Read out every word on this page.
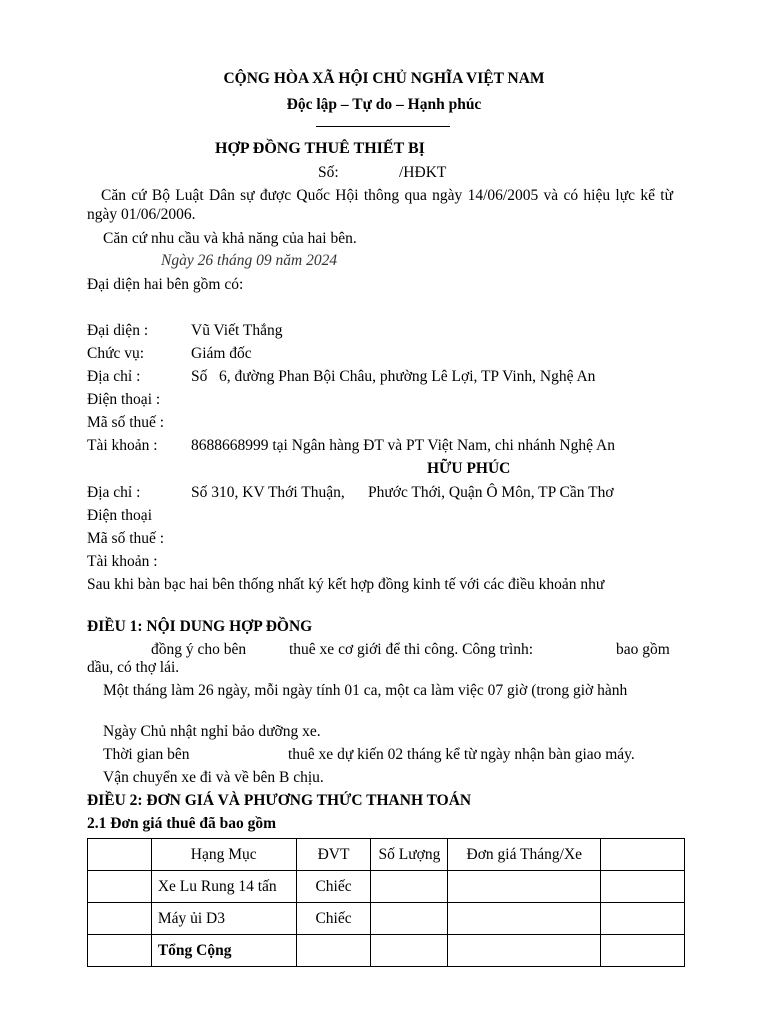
CỘNG HÒA XÃ HỘI CHỦ NGHĨA VIỆT NAM
Độc lập – Tự do – Hạnh phúc
HỢP ĐỒNG THUÊ THIẾT BỊ
Số:	/HĐKT
Căn cứ Bộ Luật Dân sự được Quốc Hội thông qua ngày 14/06/2005 và có hiệu lực kể từ ngày 01/06/2006.
Căn cứ nhu cầu và khả năng của hai bên.
Ngày 26 tháng 09 năm 2024
Đại diện hai bên gồm có:
Đại diện :	Vũ Viết Thắng
Chức vụ:	Giám đốc
Địa chỉ :	Số   6, đường Phan Bội Châu, phường Lê Lợi, TP Vinh, Nghệ An
Điện thoại :
Mã số thuế :
Tài khoản : 8688668999 tại Ngân hàng ĐT và PT Việt Nam, chi nhánh Nghệ An
HỮU PHÚC
Địa chỉ :	Số 310, KV Thới Thuận,      Phước Thới, Quận Ô Môn, TP Cần Thơ
Điện thoại
Mã số thuế :
Tài khoản :
Sau khi bàn bạc hai bên thống nhất ký kết hợp đồng kinh tế với các điều khoản như
ĐIỀU 1: NỘI DUNG HỢP ĐỒNG
đồng ý cho bên	thuê xe cơ giới để thi công. Công trình:	bao gồm
dầu, có thợ lái.
Một tháng làm 26 ngày, mỗi ngày tính 01 ca, một ca làm việc 07 giờ (trong giờ hành
Ngày Chủ nhật nghỉ bảo dưỡng xe.
Thời gian bên	thuê xe dự kiến 02 tháng kể từ ngày nhận bàn giao máy.
Vận chuyển xe đi và về bên B chịu.
ĐIỀU 2: ĐƠN GIÁ VÀ PHƯƠNG THỨC THANH TOÁN
2.1 Đơn giá thuê đã bao gồm
	Hạng Mục	ĐVT	Số Lượng	Đơn giá Tháng/Xe	
	Xe Lu Rung 14 tấn	Chiếc			
	Máy ủi D3	Chiếc			
	Tổng Cộng				
